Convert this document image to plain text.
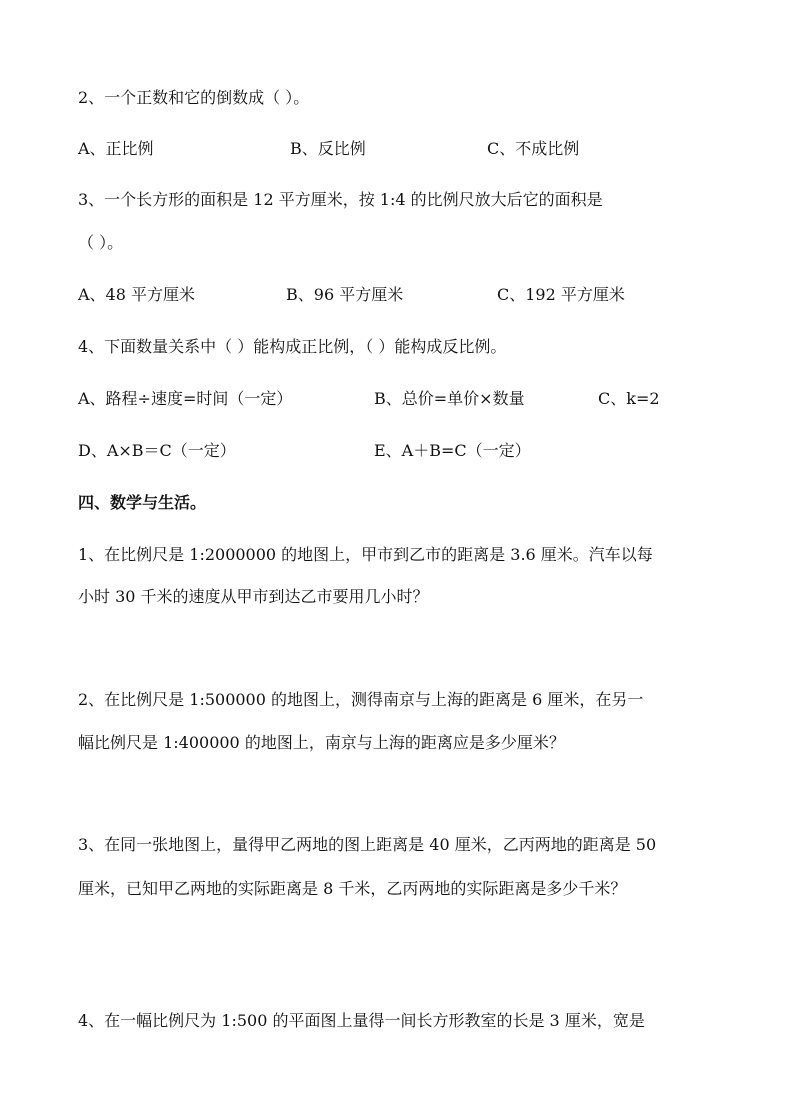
2、一个正数和它的倒数成（ ）。
A、正比例	B、反比例	C、不成比例
3、一个长方形的面积是 12 平方厘米，按 1:4 的比例尺放大后它的面积是
（ ）。
A、48 平方厘米	B、96 平方厘米	C、192 平方厘米
4、下面数量关系中（ ）能构成正比例，（ ）能构成反比例。
A、路程÷速度=时间（一定）	B、总价=单价×数量	C、k=2
D、A×B＝C（一定）	E、A＋B=C（一定）
四、数学与生活。
1、在比例尺是 1:2000000 的地图上，甲市到乙市的距离是 3.6 厘米。汽车以每
小时 30 千米的速度从甲市到达乙市要用几小时？
2、在比例尺是 1:500000 的地图上，测得南京与上海的距离是 6 厘米，在另一
幅比例尺是 1:400000 的地图上，南京与上海的距离应是多少厘米？
3、在同一张地图上，量得甲乙两地的图上距离是 40 厘米，乙丙两地的距离是 50
厘米，已知甲乙两地的实际距离是 8 千米，乙丙两地的实际距离是多少千米？
4、在一幅比例尺为 1:500 的平面图上量得一间长方形教室的长是 3 厘米，宽是
